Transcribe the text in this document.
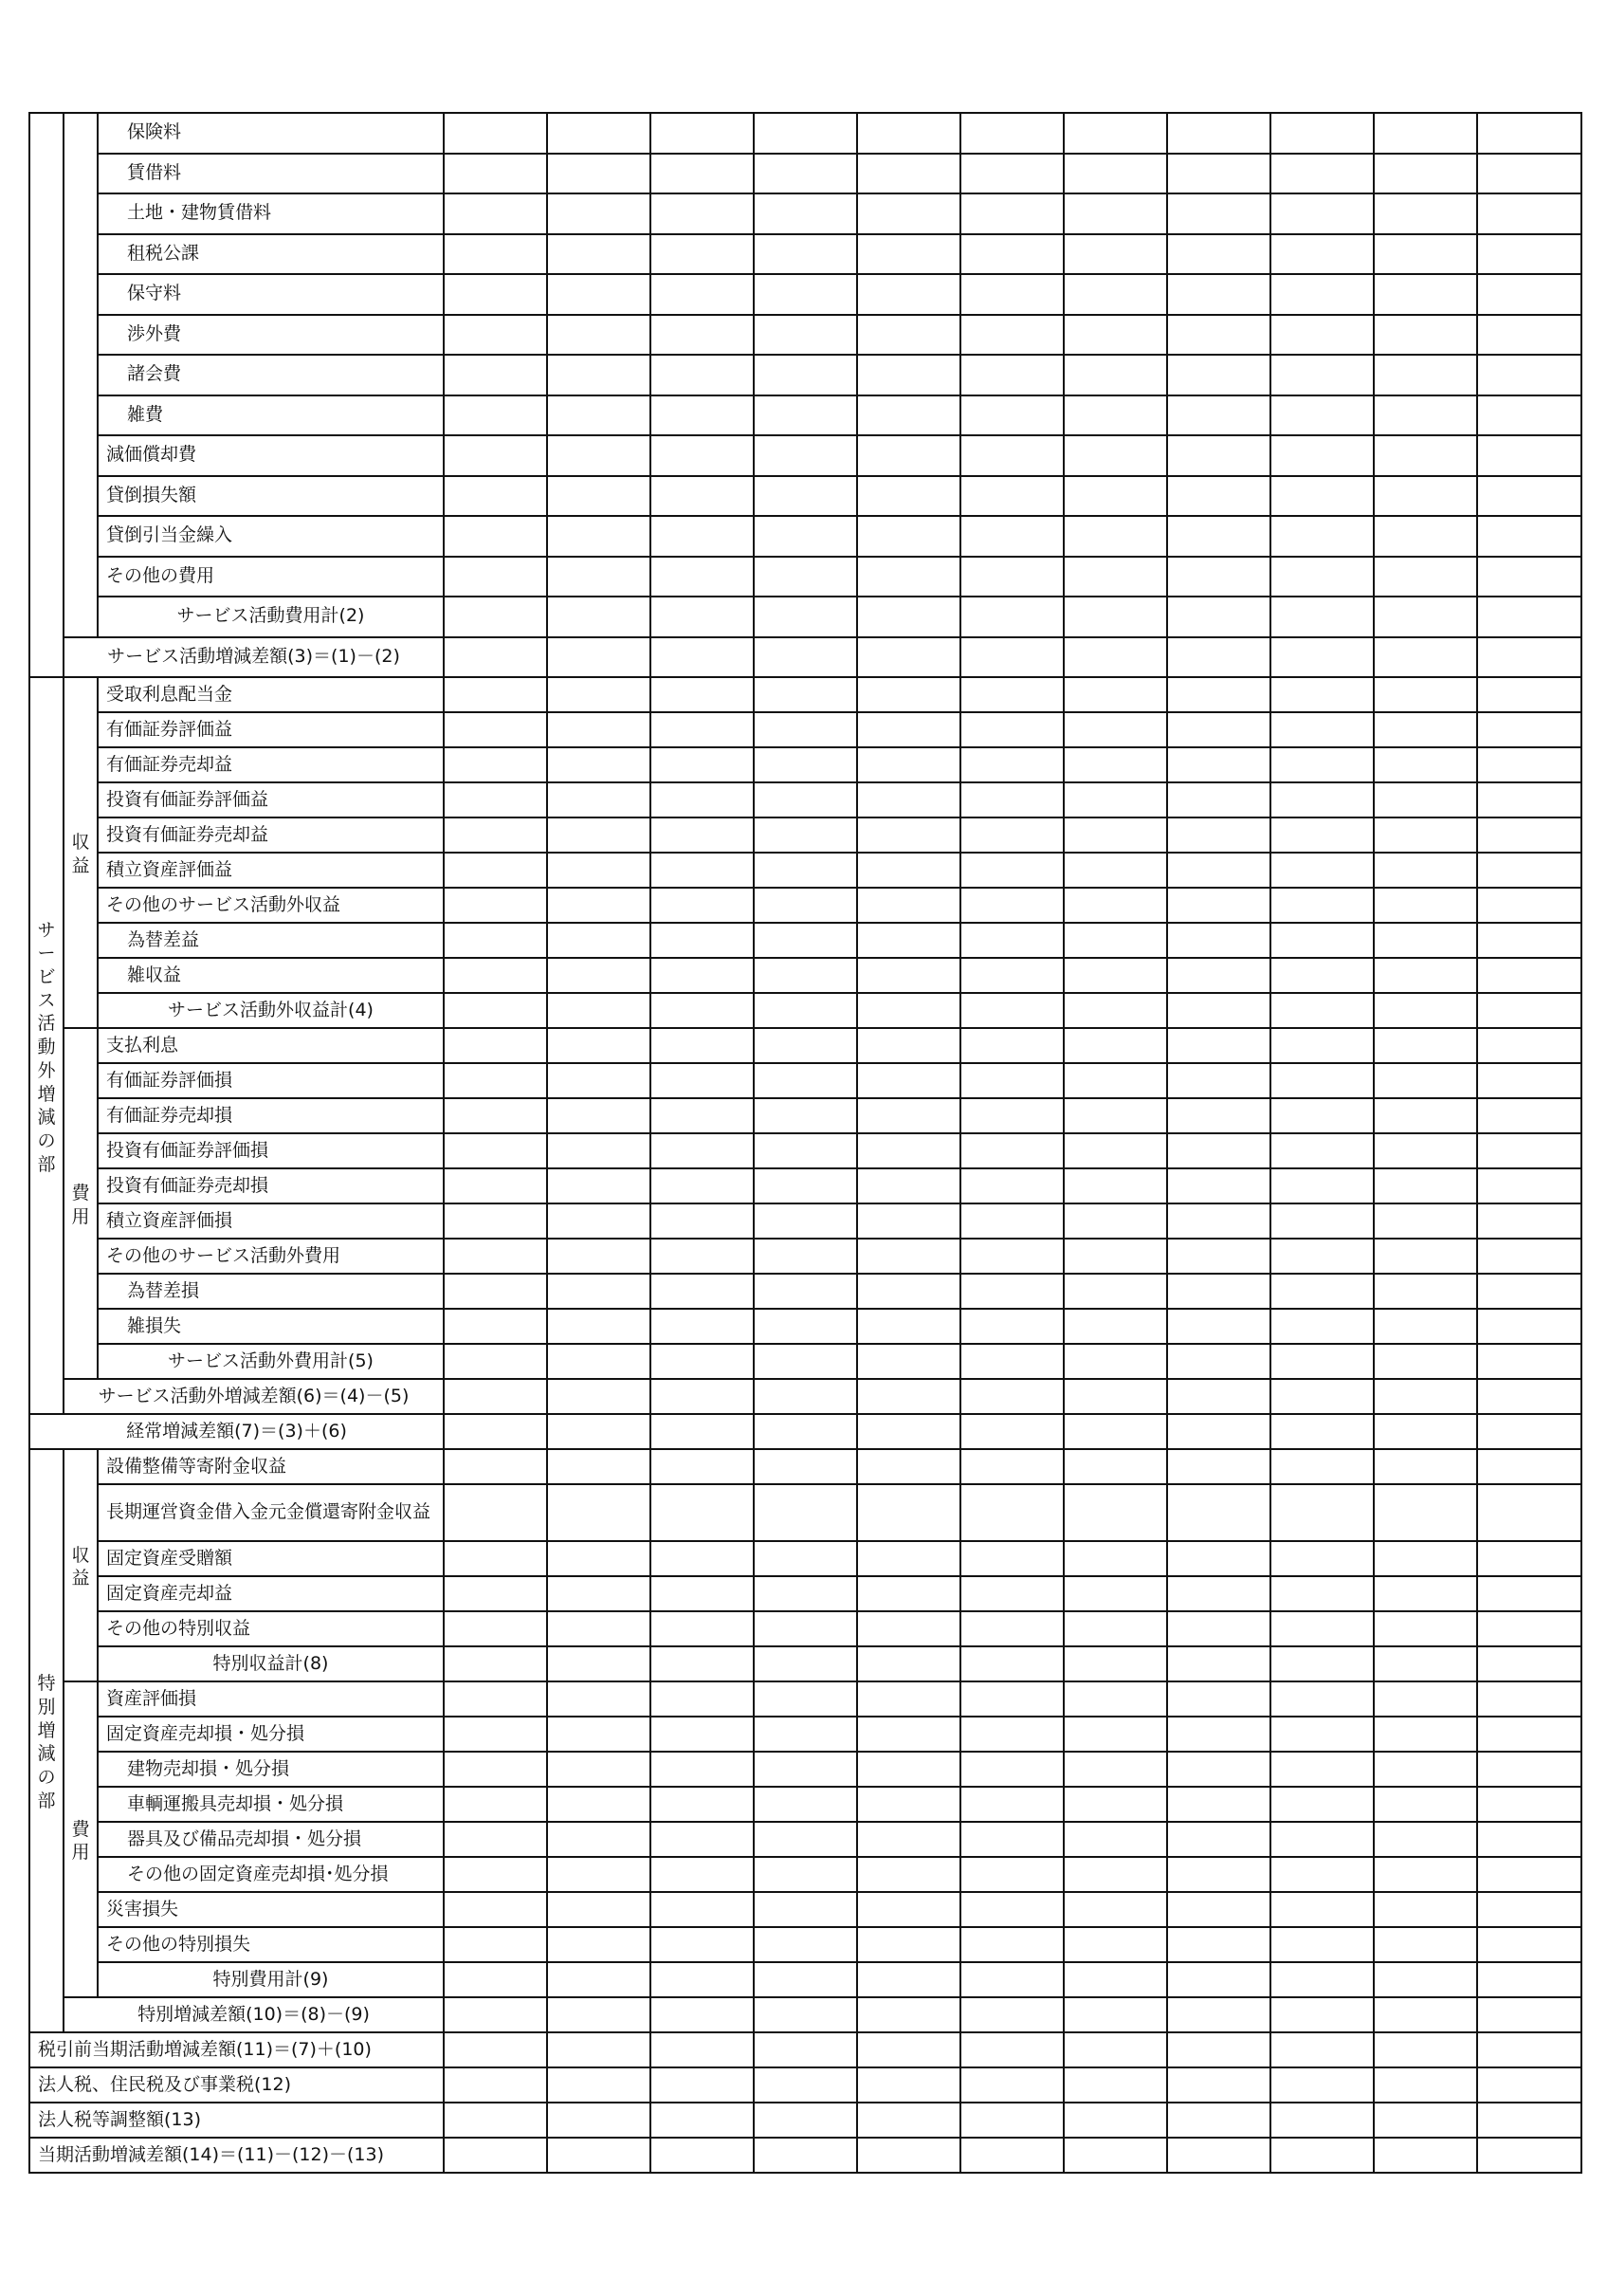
		保険料											
		賃借料											
		土地・建物賃借料											
		租税公課											
		保守料											
		渉外費											
		諸会費											
		雑費											
		減価償却費											
		貸倒損失額											
		貸倒引当金繰入											
		その他の費用											
		サービス活動費用計(2)											
	サービス活動増減差額(3)＝(1)－(2)												
サービス活動外増減の部	収益	受取利息配当金											
		有価証券評価益											
		有価証券売却益											
		投資有価証券評価益											
		投資有価証券売却益											
		積立資産評価益											
		その他のサービス活動外収益											
		為替差益											
		雑収益											
		サービス活動外収益計(4)											
	費用	支払利息											
		有価証券評価損											
		有価証券売却損											
		投資有価証券評価損											
		投資有価証券売却損											
		積立資産評価損											
		その他のサービス活動外費用											
		為替差損											
		雑損失											
		サービス活動外費用計(5)											
	サービス活動外増減差額(6)＝(4)－(5)												
経常増減差額(7)＝(3)＋(6)													
特別増減の部	収益	設備整備等寄附金収益											
		長期運営資金借入金元金償還寄附金収益											
		固定資産受贈額											
		固定資産売却益											
		その他の特別収益											
		特別収益計(8)											
	費用	資産評価損											
		固定資産売却損・処分損											
		建物売却損・処分損											
		車輌運搬具売却損・処分損											
		器具及び備品売却損・処分損											
		その他の固定資産売却損･処分損											
		災害損失											
		その他の特別損失											
		特別費用計(9)											
	特別増減差額(10)＝(8)－(9)												
税引前当期活動増減差額(11)＝(7)＋(10)													
法人税、住民税及び事業税(12)													
法人税等調整額(13)													
当期活動増減差額(14)＝(11)－(12)－(13)													
